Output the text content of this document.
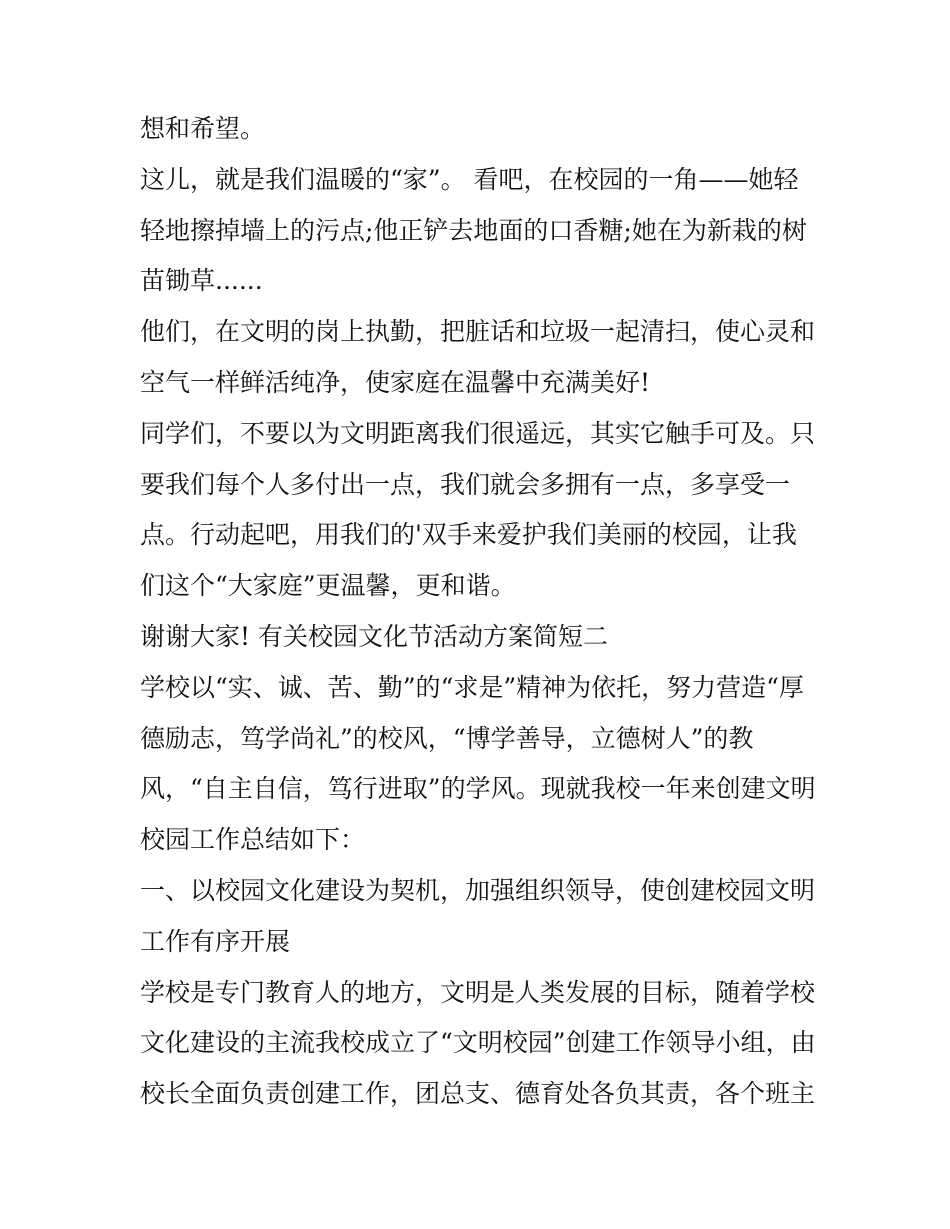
想和希望。
这儿，就是我们温暖的“家”。 看吧，在校园的一角——她轻
轻地擦掉墙上的污点;他正铲去地面的口香糖;她在为新栽的树
苗锄草......
他们，在文明的岗上执勤，把脏话和垃圾一起清扫，使心灵和
空气一样鲜活纯净，使家庭在温馨中充满美好!
同学们，不要以为文明距离我们很遥远，其实它触手可及。只
要我们每个人多付出一点，我们就会多拥有一点，多享受一
点。行动起吧，用我们的'双手来爱护我们美丽的校园，让我
们这个“大家庭”更温馨，更和谐。
谢谢大家! 有关校园文化节活动方案简短二
学校以“实、诚、苦、勤”的“求是”精神为依托，努力营造“厚
德励志，笃学尚礼”的校风，“博学善导，立德树人”的教
风，“自主自信，笃行进取”的学风。现就我校一年来创建文明
校园工作总结如下：
一、以校园文化建设为契机，加强组织领导，使创建校园文明
工作有序开展
学校是专门教育人的地方，文明是人类发展的目标，随着学校
文化建设的主流我校成立了“文明校园”创建工作领导小组，由
校长全面负责创建工作，团总支、德育处各负其责，各个班主
